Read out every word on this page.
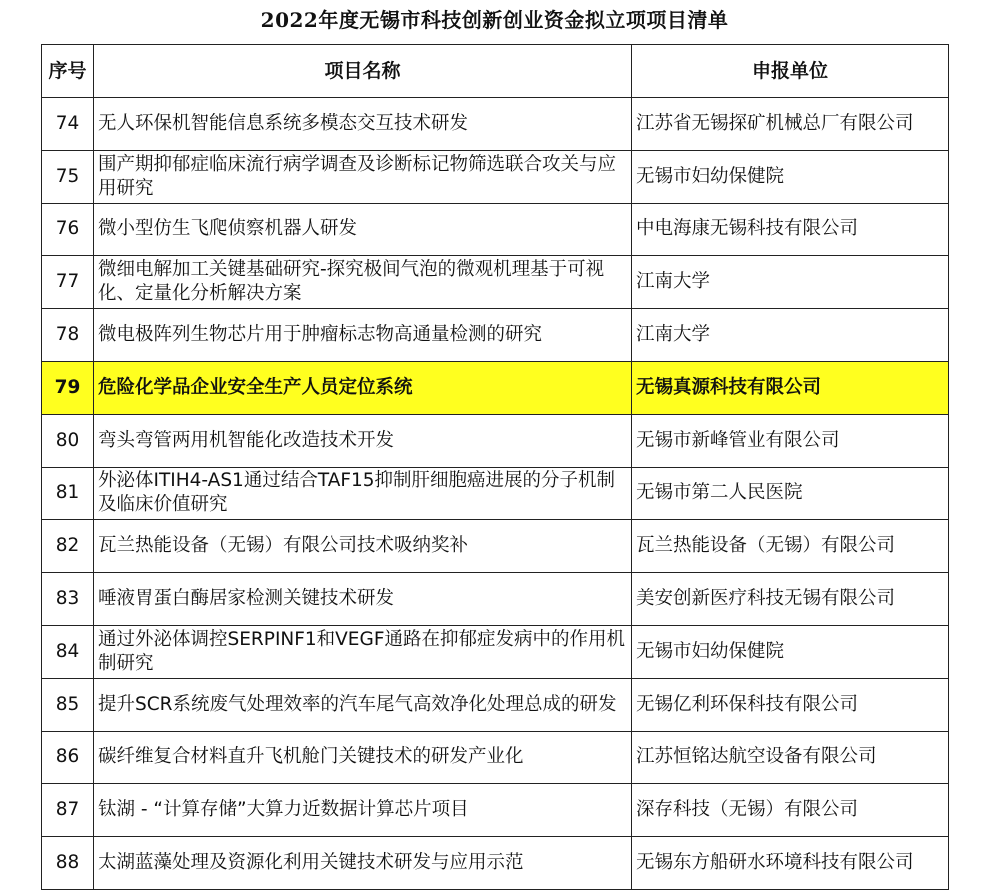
2022年度无锡市科技创新创业资金拟立项项目清单
序号	项目名称	申报单位
74	无人环保机智能信息系统多模态交互技术研发	江苏省无锡探矿机械总厂有限公司
75	围产期抑郁症临床流行病学调查及诊断标记物筛选联合攻关与应用研究	无锡市妇幼保健院
76	微小型仿生飞爬侦察机器人研发	中电海康无锡科技有限公司
77	微细电解加工关键基础研究-探究极间气泡的微观机理基于可视化、定量化分析解决方案	江南大学
78	微电极阵列生物芯片用于肿瘤标志物高通量检测的研究	江南大学
79	危险化学品企业安全生产人员定位系统	无锡真源科技有限公司
80	弯头弯管两用机智能化改造技术开发	无锡市新峰管业有限公司
81	外泌体ITIH4-AS1通过结合TAF15抑制肝细胞癌进展的分子机制及临床价值研究	无锡市第二人民医院
82	瓦兰热能设备（无锡）有限公司技术吸纳奖补	瓦兰热能设备（无锡）有限公司
83	唾液胃蛋白酶居家检测关键技术研发	美安创新医疗科技无锡有限公司
84	通过外泌体调控SERPINF1和VEGF通路在抑郁症发病中的作用机制研究	无锡市妇幼保健院
85	提升SCR系统废气处理效率的汽车尾气高效净化处理总成的研发	无锡亿利环保科技有限公司
86	碳纤维复合材料直升飞机舱门关键技术的研发产业化	江苏恒铭达航空设备有限公司
87	钛湖 - “计算存储”大算力近数据计算芯片项目	深存科技（无锡）有限公司
88	太湖蓝藻处理及资源化利用关键技术研发与应用示范	无锡东方船研水环境科技有限公司
